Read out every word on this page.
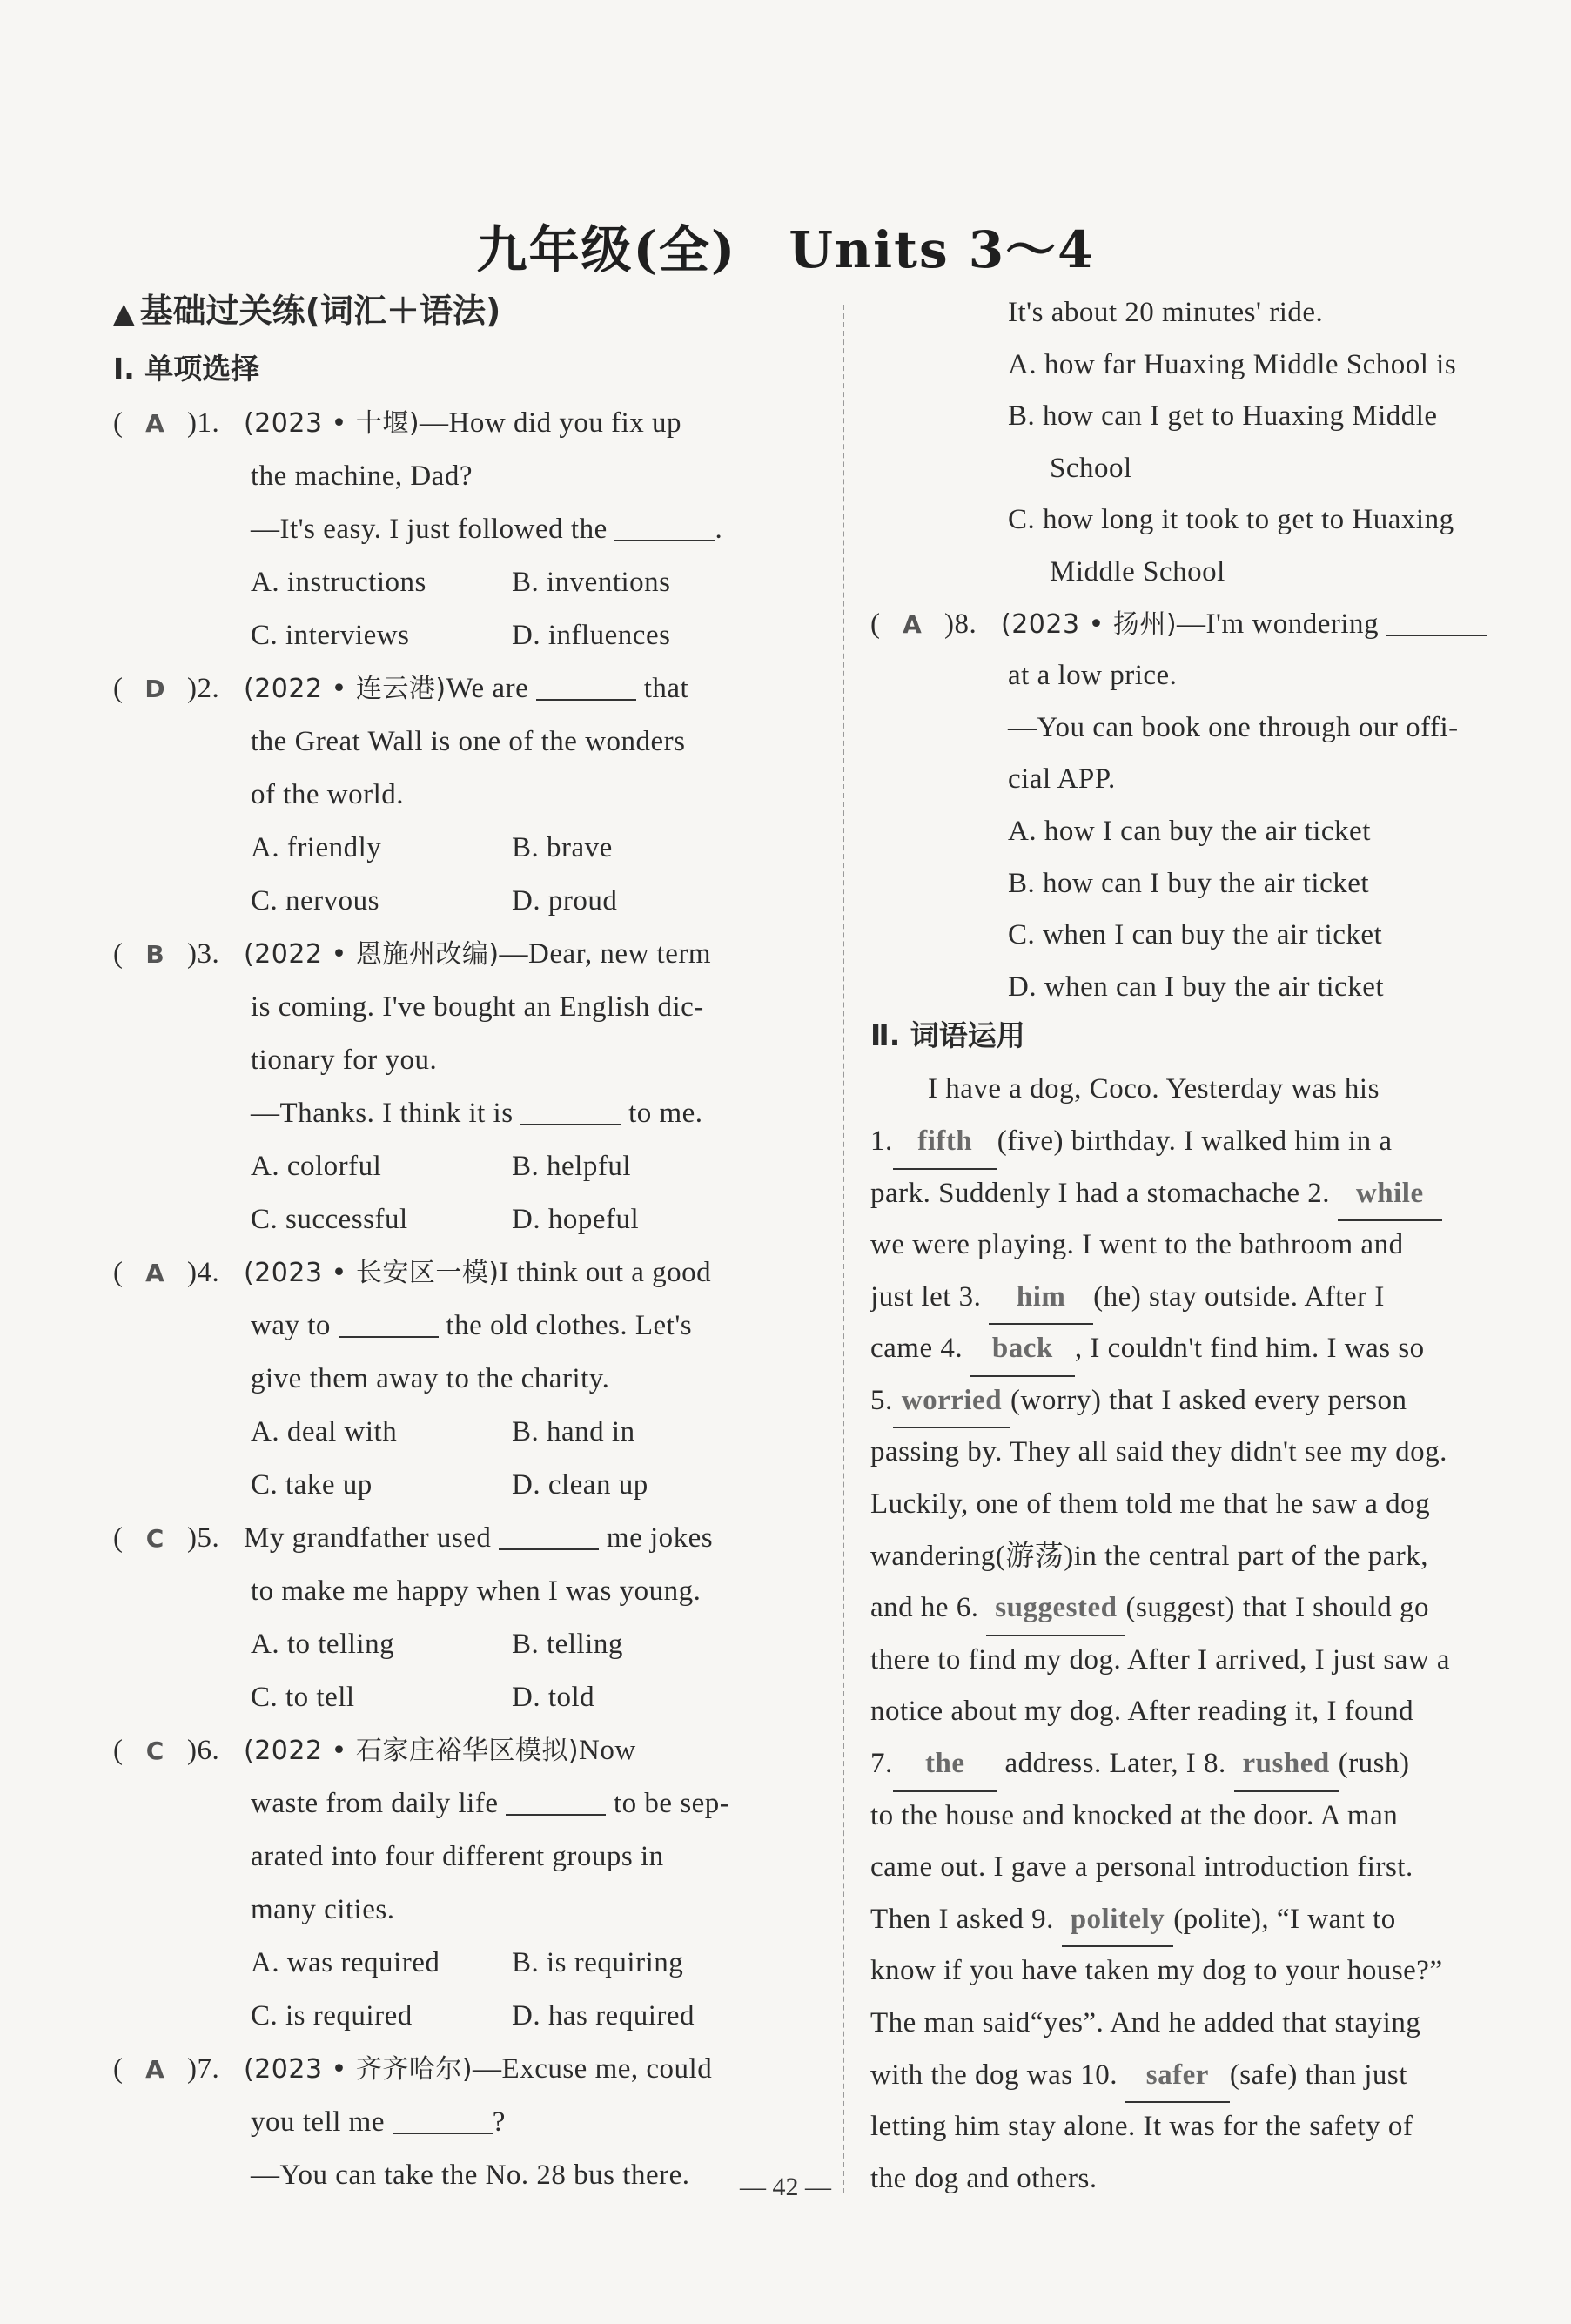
九年级(全)　Units 3～4
▲ 基础过关练(词汇＋语法)
Ⅰ. 单项选择
( A )1. (2023 • 十堰)—How did you fix up
the machine, Dad?
—It's easy. I just followed the	.
A. instructions	B. inventions
C. interviews	D. influences
( D )2. (2022 • 连云港)We are	that
the Great Wall is one of the wonders
of the world.
A. friendly	B. brave
C. nervous	D. proud
( B )3. (2022 • 恩施州改编)—Dear, new term
is coming. I've bought an English dic-
tionary for you.
—Thanks. I think it is	to me.
A. colorful	B. helpful
C. successful	D. hopeful
( A )4. (2023 • 长安区一模)I think out a good
way to	the old clothes. Let's
give them away to the charity.
A. deal with	B. hand in
C. take up	D. clean up
( C )5. My grandfather used	me jokes
to make me happy when I was young.
A. to telling	B. telling
C. to tell	D. told
( C )6. (2022 • 石家庄裕华区模拟)Now
waste from daily life	to be sep-
arated into four different groups in
many cities.
A. was required	B. is requiring
C. is required	D. has required
( A )7. (2023 • 齐齐哈尔)—Excuse me, could
you tell me	?
—You can take the No. 28 bus there.
It's about 20 minutes' ride.
A. how far Huaxing Middle School is
B. how can I get to Huaxing Middle
School
C. how long it took to get to Huaxing
Middle School
( A )8. (2023 • 扬州)—I'm wondering
at a low price.
—You can book one through our offi-
cial APP.
A. how I can buy the air ticket
B. how can I buy the air ticket
C. when I can buy the air ticket
D. when can I buy the air ticket
Ⅱ. 词语运用
I have a dog, Coco. Yesterday was his
1. fifth (five) birthday. I walked him in a
park. Suddenly I had a stomachache 2. while
we were playing. I went to the bathroom and
just let 3. him (he) stay outside. After I
came 4. back , I couldn't find him. I was so
5. worried (worry) that I asked every person
passing by. They all said they didn't see my dog.
Luckily, one of them told me that he saw a dog
wandering(游荡)in the central part of the park,
and he 6. suggested (suggest) that I should go
there to find my dog. After I arrived, I just saw a
notice about my dog. After reading it, I found
7. the address. Later, I 8. rushed (rush)
to the house and knocked at the door. A man
came out. I gave a personal introduction first.
Then I asked 9. politely (polite), “I want to
know if you have taken my dog to your house?”
The man said“yes”. And he added that staying
with the dog was 10. safer (safe) than just
letting him stay alone. It was for the safety of
the dog and others.
— 42 —
